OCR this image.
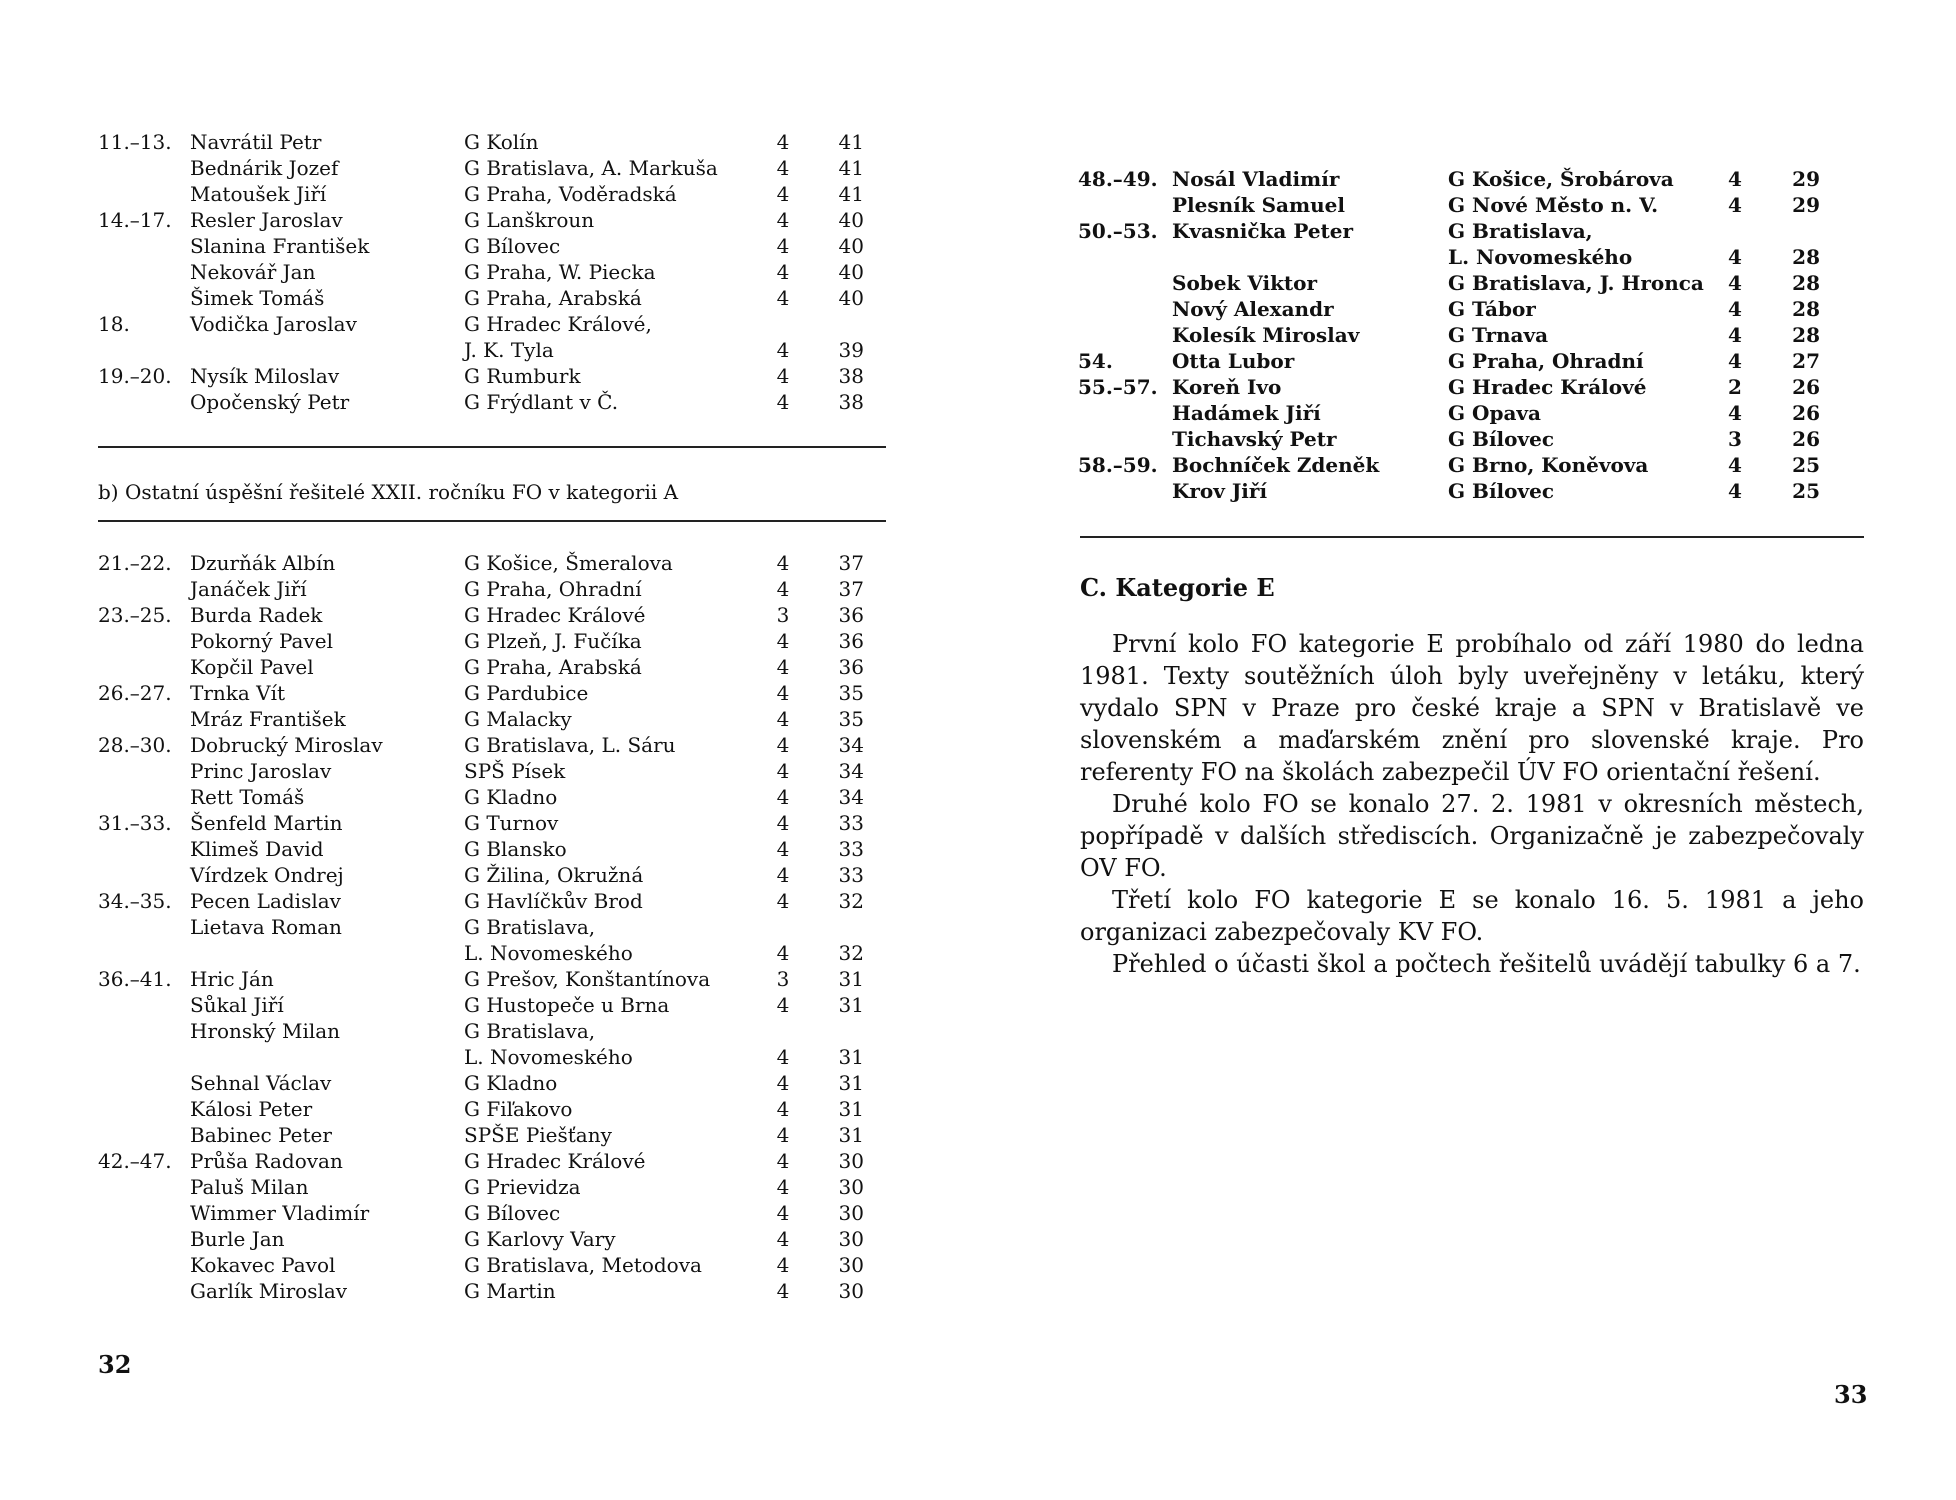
11.–13. Navrátil Petr	G Kolín	4	41
Bednárik Jozef	G Bratislava, A. Markuša	4	41
Matoušek Jiří	G Praha, Voděradská	4	41
14.–17. Resler Jaroslav	G Lanškroun	4	40
Slanina František	G Bílovec	4	40
Nekovář Jan	G Praha, W. Piecka	4	40
Šimek Tomáš	G Praha, Arabská	4	40
18.	Vodička Jaroslav	G Hradec Králové,
J. K. Tyla	4	39
19.–20. Nysík Miloslav	G Rumburk	4	38
Opočenský Petr	G Frýdlant v Č.	4	38
b) Ostatní úspěšní řešitelé XXII. ročníku FO v kategorii A
21.–22. Dzurňák Albín	G Košice, Šmeralova	4	37
Janáček Jiří	G Praha, Ohradní	4	37
23.–25. Burda Radek	G Hradec Králové	3	36
Pokorný Pavel	G Plzeň, J. Fučíka	4	36
Kopčil Pavel	G Praha, Arabská	4	36
26.–27. Trnka Vít	G Pardubice	4	35
Mráz František	G Malacky	4	35
28.–30. Dobrucký Miroslav	G Bratislava, L. Sáru	4	34
Princ Jaroslav	SPŠ Písek	4	34
Rett Tomáš	G Kladno	4	34
31.–33. Šenfeld Martin	G Turnov	4	33
Klimeš David	G Blansko	4	33
Vírdzek Ondrej	G Žilina, Okružná	4	33
34.–35. Pecen Ladislav	G Havlíčkův Brod	4	32
Lietava Roman	G Bratislava,
L. Novomeského	4	32
36.–41. Hric Ján	G Prešov, Konštantínova	3	31
Sůkal Jiří	G Hustopeče u Brna	4	31
Hronský Milan	G Bratislava,
L. Novomeského	4	31
Sehnal Václav	G Kladno	4	31
Kálosi Peter	G Fiľakovo	4	31
Babinec Peter	SPŠE Piešťany	4	31
42.–47. Průša Radovan	G Hradec Králové	4	30
Paluš Milan	G Prievidza	4	30
Wimmer Vladimír	G Bílovec	4	30
Burle Jan	G Karlovy Vary	4	30
Kokavec Pavol	G Bratislava, Metodova	4	30
Garlík Miroslav	G Martin	4	30
32
48.–49. Nosál Vladimír	G Košice, Šrobárova	4	29
Plesník Samuel	G Nové Město n. V.	4	29
50.–53. Kvasnička Peter	G Bratislava,
L. Novomeského	4	28
Sobek Viktor	G Bratislava, J. Hronca 4	28
Nový Alexandr	G Tábor	4	28
Kolesík Miroslav	G Trnava	4	28
54.	Otta Lubor	G Praha, Ohradní	4	27
55.–57. Koreň Ivo	G Hradec Králové	2	26
Hadámek Jiří	G Opava	4	26
Tichavský Petr	G Bílovec	3	26
58.–59. Bochníček Zdeněk	G Brno, Koněvova	4	25
Krov Jiří	G Bílovec	4	25
C. Kategorie E

První kolo FO kategorie E probíhalo od září 1980 do ledna 1981. Texty soutěžních úloh byly uveřejněny v letáku, který vydalo SPN v Praze pro české kraje a SPN v Bratislavě ve slovenském a maďarském znění pro slovenské kraje. Pro referenty FO na školách zabezpečil ÚV FO orientační řešení.

Druhé kolo FO se konalo 27. 2. 1981 v okresních městech, popřípadě v dalších střediscích. Organizačně je zabezpečovaly OV FO.

Třetí kolo FO kategorie E se konalo 16. 5. 1981 a jeho organizaci zabezpečovaly KV FO.

Přehled o účasti škol a počtech řešitelů uvádějí tabulky 6 a 7.

33
